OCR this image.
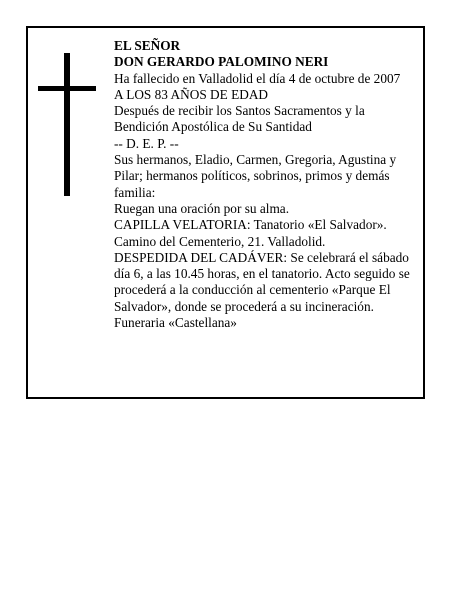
EL SEÑOR

DON GERARDO PALOMINO NERI

Ha fallecido en Valladolid el día 4 de octubre de 2007

A LOS 83 AÑOS DE EDAD

Después de recibir los Santos Sacramentos y la Bendición Apostólica de Su Santidad

-- D. E. P. --

Sus hermanos, Eladio, Carmen, Gregoria, Agustina y Pilar; hermanos políticos, sobrinos, primos y demás familia:

Ruegan una oración por su alma.

CAPILLA VELATORIA: Tanatorio «El Salvador». Camino del Cementerio, 21. Valladolid.

DESPEDIDA DEL CADÁVER: Se celebrará el sábado día 6, a las 10.45 horas, en el tanatorio. Acto seguido se procederá a la conducción al cementerio «Parque El Salvador», donde se procederá a su incineración.

Funeraria «Castellana»
